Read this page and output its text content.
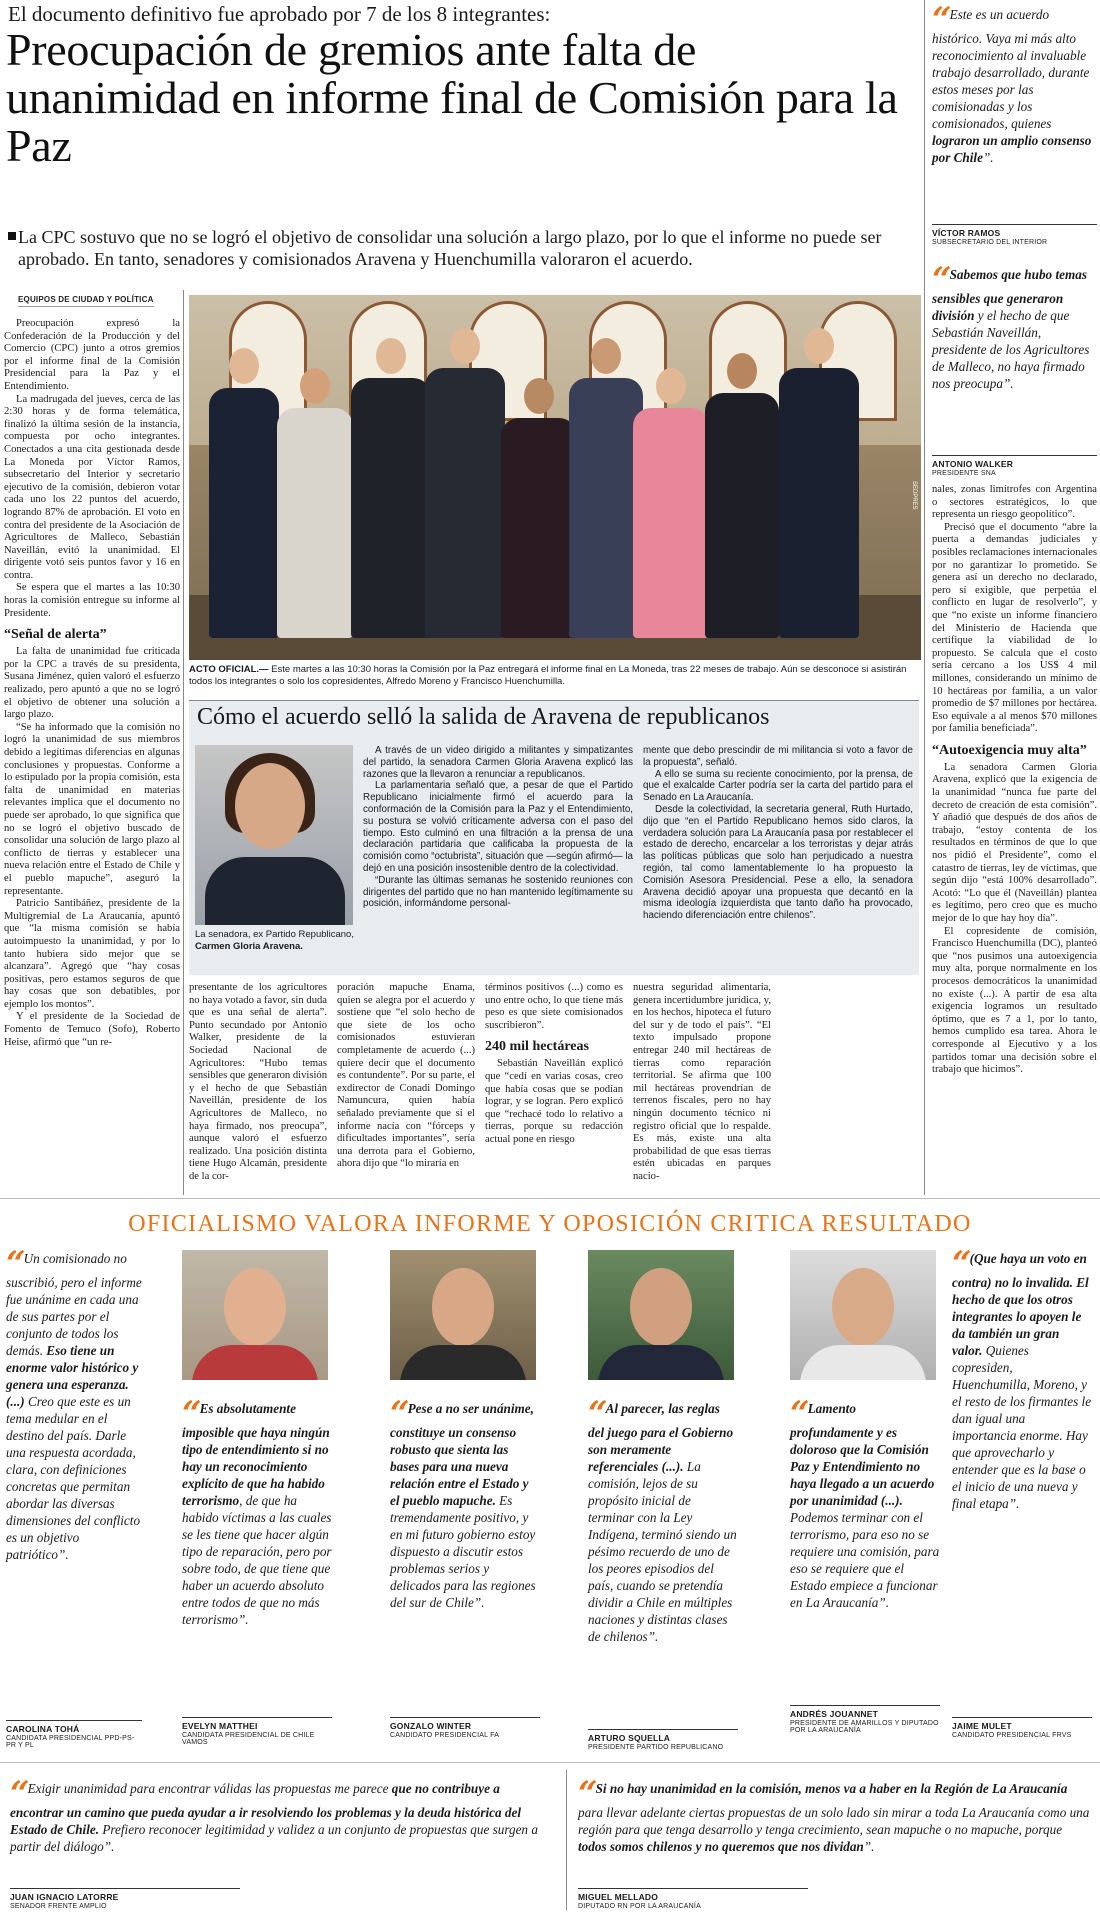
El documento definitivo fue aprobado por 7 de los 8 integrantes:
Preocupación de gremios ante falta de unanimidad en informe final de Comisión para la Paz
La CPC sostuvo que no se logró el objetivo de consolidar una solución a largo plazo, por lo que el informe no puede ser aprobado. En tanto, senadores y comisionados Aravena y Huenchumilla valoraron el acuerdo.
EQUIPOS DE CIUDAD Y POLÍTICA
“ Este es un acuerdo histórico. Vaya mi más alto reconocimiento al invaluable trabajo desarrollado, durante estos meses por las comisionadas y los comisionados, quienes lograron un amplio consenso por Chile”.
VÍCTOR RAMOS
SUBSECRETARIO DEL INTERIOR
“ Sabemos que hubo temas sensibles que generaron división y el hecho de que Sebastián Naveillán, presidente de los Agricultores de Malleco, no haya firmado nos preocupa”.
ANTONIO WALKER
PRESIDENTE SNA

Preocupación expresó la Confederación de la Producción y del Comercio (CPC) junto a otros gremios por el informe final de la Comisión Presidencial para la Paz y el Entendimiento.

La madrugada del jueves, cerca de las 2:30 horas y de forma telemática, finalizó la última sesión de la instancia, compuesta por ocho integrantes. Conectados a una cita gestionada desde La Moneda por Víctor Ramos, subsecretario del Interior y secretario ejecutivo de la comisión, debieron votar cada uno los 22 puntos del acuerdo, logrando 87% de aprobación. El voto en contra del presidente de la Asociación de Agricultores de Malleco, Sebastián Naveillán, evitó la unanimidad. El dirigente votó seis puntos favor y 16 en contra.

Se espera que el martes a las 10:30 horas la comisión entregue su informe al Presidente.

“Señal de alerta”

La falta de unanimidad fue criticada por la CPC a través de su presidenta, Susana Jiménez, quien valoró el esfuerzo realizado, pero apuntó a que no se logró el objetivo de obtener una solución a largo plazo.

“Se ha informado que la comisión no logró la unanimidad de sus miembros debido a legítimas diferencias en algunas conclusiones y propuestas. Conforme a lo estipulado por la propia comisión, esta falta de unanimidad en materias relevantes implica que el documento no puede ser aprobado, lo que significa que no se logró el objetivo buscado de consolidar una solución de largo plazo al conflicto de tierras y establecer una nueva relación entre el Estado de Chile y el pueblo mapuche”, aseguró la representante.

Patricio Santibáñez, presidente de la Multigremial de La Araucanía, apuntó que “la misma comisión se había autoimpuesto la unanimidad, y por lo tanto hubiera sido mejor que se alcanzara”. Agregó que “hay cosas positivas, pero estamos seguros de que hay cosas que son debatibles, por ejemplo los montos”.

Y el presidente de la Sociedad de Fomento de Temuco (Sofo), Roberto Heise, afirmó que “un re-

SEDPRES
ACTO OFICIAL.— Este martes a las 10:30 horas la Comisión por la Paz entregará el informe final en La Moneda, tras 22 meses de trabajo. Aún se desconoce si asistirán todos los integrantes o solo los copresidentes, Alfredo Moreno y Francisco Huenchumilla.
Cómo el acuerdo selló la salida de Aravena de republicanos
La senadora, ex Partido Republicano, Carmen Gloria Aravena.

A través de un video dirigido a militantes y simpatizantes del partido, la senadora Carmen Gloria Aravena explicó las razones que la llevaron a renunciar a republicanos.

La parlamentaria señaló que, a pesar de que el Partido Republicano inicialmente firmó el acuerdo para la conformación de la Comisión para la Paz y el Entendimiento, su postura se volvió críticamente adversa con el paso del tiempo. Esto culminó en una filtración a la prensa de una declaración partidaria que calificaba la propuesta de la comisión como “octubrista”, situación que —según afirmó— la dejó en una posición insostenible dentro de la colectividad.

“Durante las últimas semanas he sostenido reuniones con dirigentes del partido que no han mantenido legítimamente su posición, informándome personal-

mente que debo prescindir de mi militancia si voto a favor de la propuesta”, señaló.

A ello se suma su reciente conocimiento, por la prensa, de que el exalcalde Carter podría ser la carta del partido para el Senado en La Araucanía.

Desde la colectividad, la secretaria general, Ruth Hurtado, dijo que “en el Partido Republicano hemos sido claros, la verdadera solución para La Araucanía pasa por restablecer el estado de derecho, encarcelar a los terroristas y dejar atrás las políticas públicas que solo han perjudicado a nuestra región, tal como lamentablemente lo ha propuesto la Comisión Asesora Presidencial. Pese a ello, la senadora Aravena decidió apoyar una propuesta que decantó en la misma ideología izquierdista que tanto daño ha provocado, haciendo diferenciación entre chilenos”.

presentante de los agricultores no haya votado a favor, sin duda que es una señal de alerta”. Punto secundado por Antonio Walker, presidente de la Sociedad Nacional de Agricultores: “Hubo temas sensibles que generaron división y el hecho de que Sebastián Naveillán, presidente de los Agricultores de Malleco, no haya firmado, nos preocupa”, aunque valoró el esfuerzo realizado. Una posición distinta tiene Hugo Alcamán, presidente de la cor-

poración mapuche Enama, quien se alegra por el acuerdo y sostiene que “el solo hecho de que siete de los ocho comisionados estuvieran completamente de acuerdo (...) quiere decir que el documento es contundente”. Por su parte, el exdirector de Conadi Domingo Namuncura, quien había señalado previamente que si el informe nacía con “fórceps y dificultades importantes”, sería una derrota para el Gobierno, ahora dijo que “lo miraría en

términos positivos (...) como es uno entre ocho, lo que tiene más peso es que siete comisionados suscribieron”.

240 mil hectáreas

Sebastián Naveillán explicó que “cedí en varias cosas, creo que había cosas que se podían lograr, y se logran. Pero explicó que “rechacé todo lo relativo a tierras, porque su redacción actual pone en riesgo

nuestra seguridad alimentaria, genera incertidumbre jurídica, y, en los hechos, hipoteca el futuro del sur y de todo el país”. “El texto impulsado propone entregar 240 mil hectáreas de tierras como reparación territorial. Se afirma que 100 mil hectáreas provendrían de terrenos fiscales, pero no hay ningún documento técnico ni registro oficial que lo respalde. Es más, existe una alta probabilidad de que esas tierras estén ubicadas en parques nacio-

nales, zonas limítrofes con Argentina o sectores estratégicos, lo que representa un riesgo geopolítico”.

Precisó que el documento “abre la puerta a demandas judiciales y posibles reclamaciones internacionales por no garantizar lo prometido. Se genera así un derecho no declarado, pero sí exigible, que perpetúa el conflicto en lugar de resolverlo”, y que “no existe un informe financiero del Ministerio de Hacienda que certifique la viabilidad de lo propuesto. Se calcula que el costo sería cercano a los US$ 4 mil millones, considerando un mínimo de 10 hectáreas por familia, a un valor promedio de $7 millones por hectárea. Eso equivale a al menos $70 millones por familia beneficiada”.

“Autoexigencia muy alta”

La senadora Carmen Gloria Aravena, explicó que la exigencia de la unanimidad “nunca fue parte del decreto de creación de esta comisión”. Y añadió que después de dos años de trabajo, “estoy contenta de los resultados en términos de que lo que nos pidió el Presidente”, como el catastro de tierras, ley de víctimas, que según dijo “está 100% desarrollado”. Acotó: “Lo que él (Naveillán) plantea es legítimo, pero creo que es mucho mejor de lo que hay hoy día”.

El copresidente de comisión, Francisco Huenchumilla (DC), planteó que “nos pusimos una autoexigencia muy alta, porque normalmente en los procesos democráticos la unanimidad no existe (...). A partir de esa alta exigencia logramos un resultado óptimo, que es 7 a 1, por lo tanto, hemos cumplido esa tarea. Ahora le corresponde al Ejecutivo y a los partidos tomar una decisión sobre el trabajo que hicimos”.

OFICIALISMO VALORA INFORME Y OPOSICIÓN CRITICA RESULTADO
“ Un comisionado no suscribió, pero el informe fue unánime en cada una de sus partes por el conjunto de todos los demás. Eso tiene un enorme valor histórico y genera una esperanza. (...) Creo que este es un tema medular en el destino del país. Darle una respuesta acordada, clara, con definiciones concretas que permitan abordar las diversas dimensiones del conflicto es un objetivo patriótico”.
CAROLINA TOHÁ
CANDIDATA PRESIDENCIAL PPD-PS-PR Y PL
“ Es absolutamente imposible que haya ningún tipo de entendimiento si no hay un reconocimiento explícito de que ha habido terrorismo, de que ha habido víctimas a las cuales se les tiene que hacer algún tipo de reparación, pero por sobre todo, de que tiene que haber un acuerdo absoluto entre todos de que no más terrorismo”.
EVELYN MATTHEI
CANDIDATA PRESIDENCIAL DE CHILE VAMOS
“ Pese a no ser unánime, constituye un consenso robusto que sienta las bases para una nueva relación entre el Estado y el pueblo mapuche. Es tremendamente positivo, y en mi futuro gobierno estoy dispuesto a discutir estos problemas serios y delicados para las regiones del sur de Chile”.
GONZALO WINTER
CANDIDATO PRESIDENCIAL FA
“ Al parecer, las reglas del juego para el Gobierno son meramente referenciales (...). La comisión, lejos de su propósito inicial de terminar con la Ley Indígena, terminó siendo un pésimo recuerdo de uno de los peores episodios del país, cuando se pretendía dividir a Chile en múltiples naciones y distintas clases de chilenos”.
ARTURO SQUELLA
PRESIDENTE PARTIDO REPUBLICANO
“ Lamento profundamente y es doloroso que la Comisión Paz y Entendimiento no haya llegado a un acuerdo por unanimidad (...). Podemos terminar con el terrorismo, para eso no se requiere una comisión, para eso se requiere que el Estado empiece a funcionar en La Araucanía”.
ANDRÉS JOUANNET
PRESIDENTE DE AMARILLOS Y DIPUTADO POR LA ARAUCANÍA
“ (Que haya un voto en contra) no lo invalida. El hecho de que los otros integrantes lo apoyen le da también un gran valor. Quienes copresiden, Huenchumilla, Moreno, y el resto de los firmantes le dan igual una importancia enorme. Hay que aprovecharlo y entender que es la base o el inicio de una nueva y final etapa”.
JAIME MULET
CANDIDATO PRESIDENCIAL FRVS
“ Exigir unanimidad para encontrar válidas las propuestas me parece que no contribuye a encontrar un camino que pueda ayudar a ir resolviendo los problemas y la deuda histórica del Estado de Chile. Prefiero reconocer legitimidad y validez a un conjunto de propuestas que surgen a partir del diálogo”.
JUAN IGNACIO LATORRE
SENADOR FRENTE AMPLIO
“ Si no hay unanimidad en la comisión, menos va a haber en la Región de La Araucanía para llevar adelante ciertas propuestas de un solo lado sin mirar a toda La Araucanía como una región para que tenga desarrollo y tenga crecimiento, sean mapuche o no mapuche, porque todos somos chilenos y no queremos que nos dividan”.
MIGUEL MELLADO
DIPUTADO RN POR LA ARAUCANÍA
